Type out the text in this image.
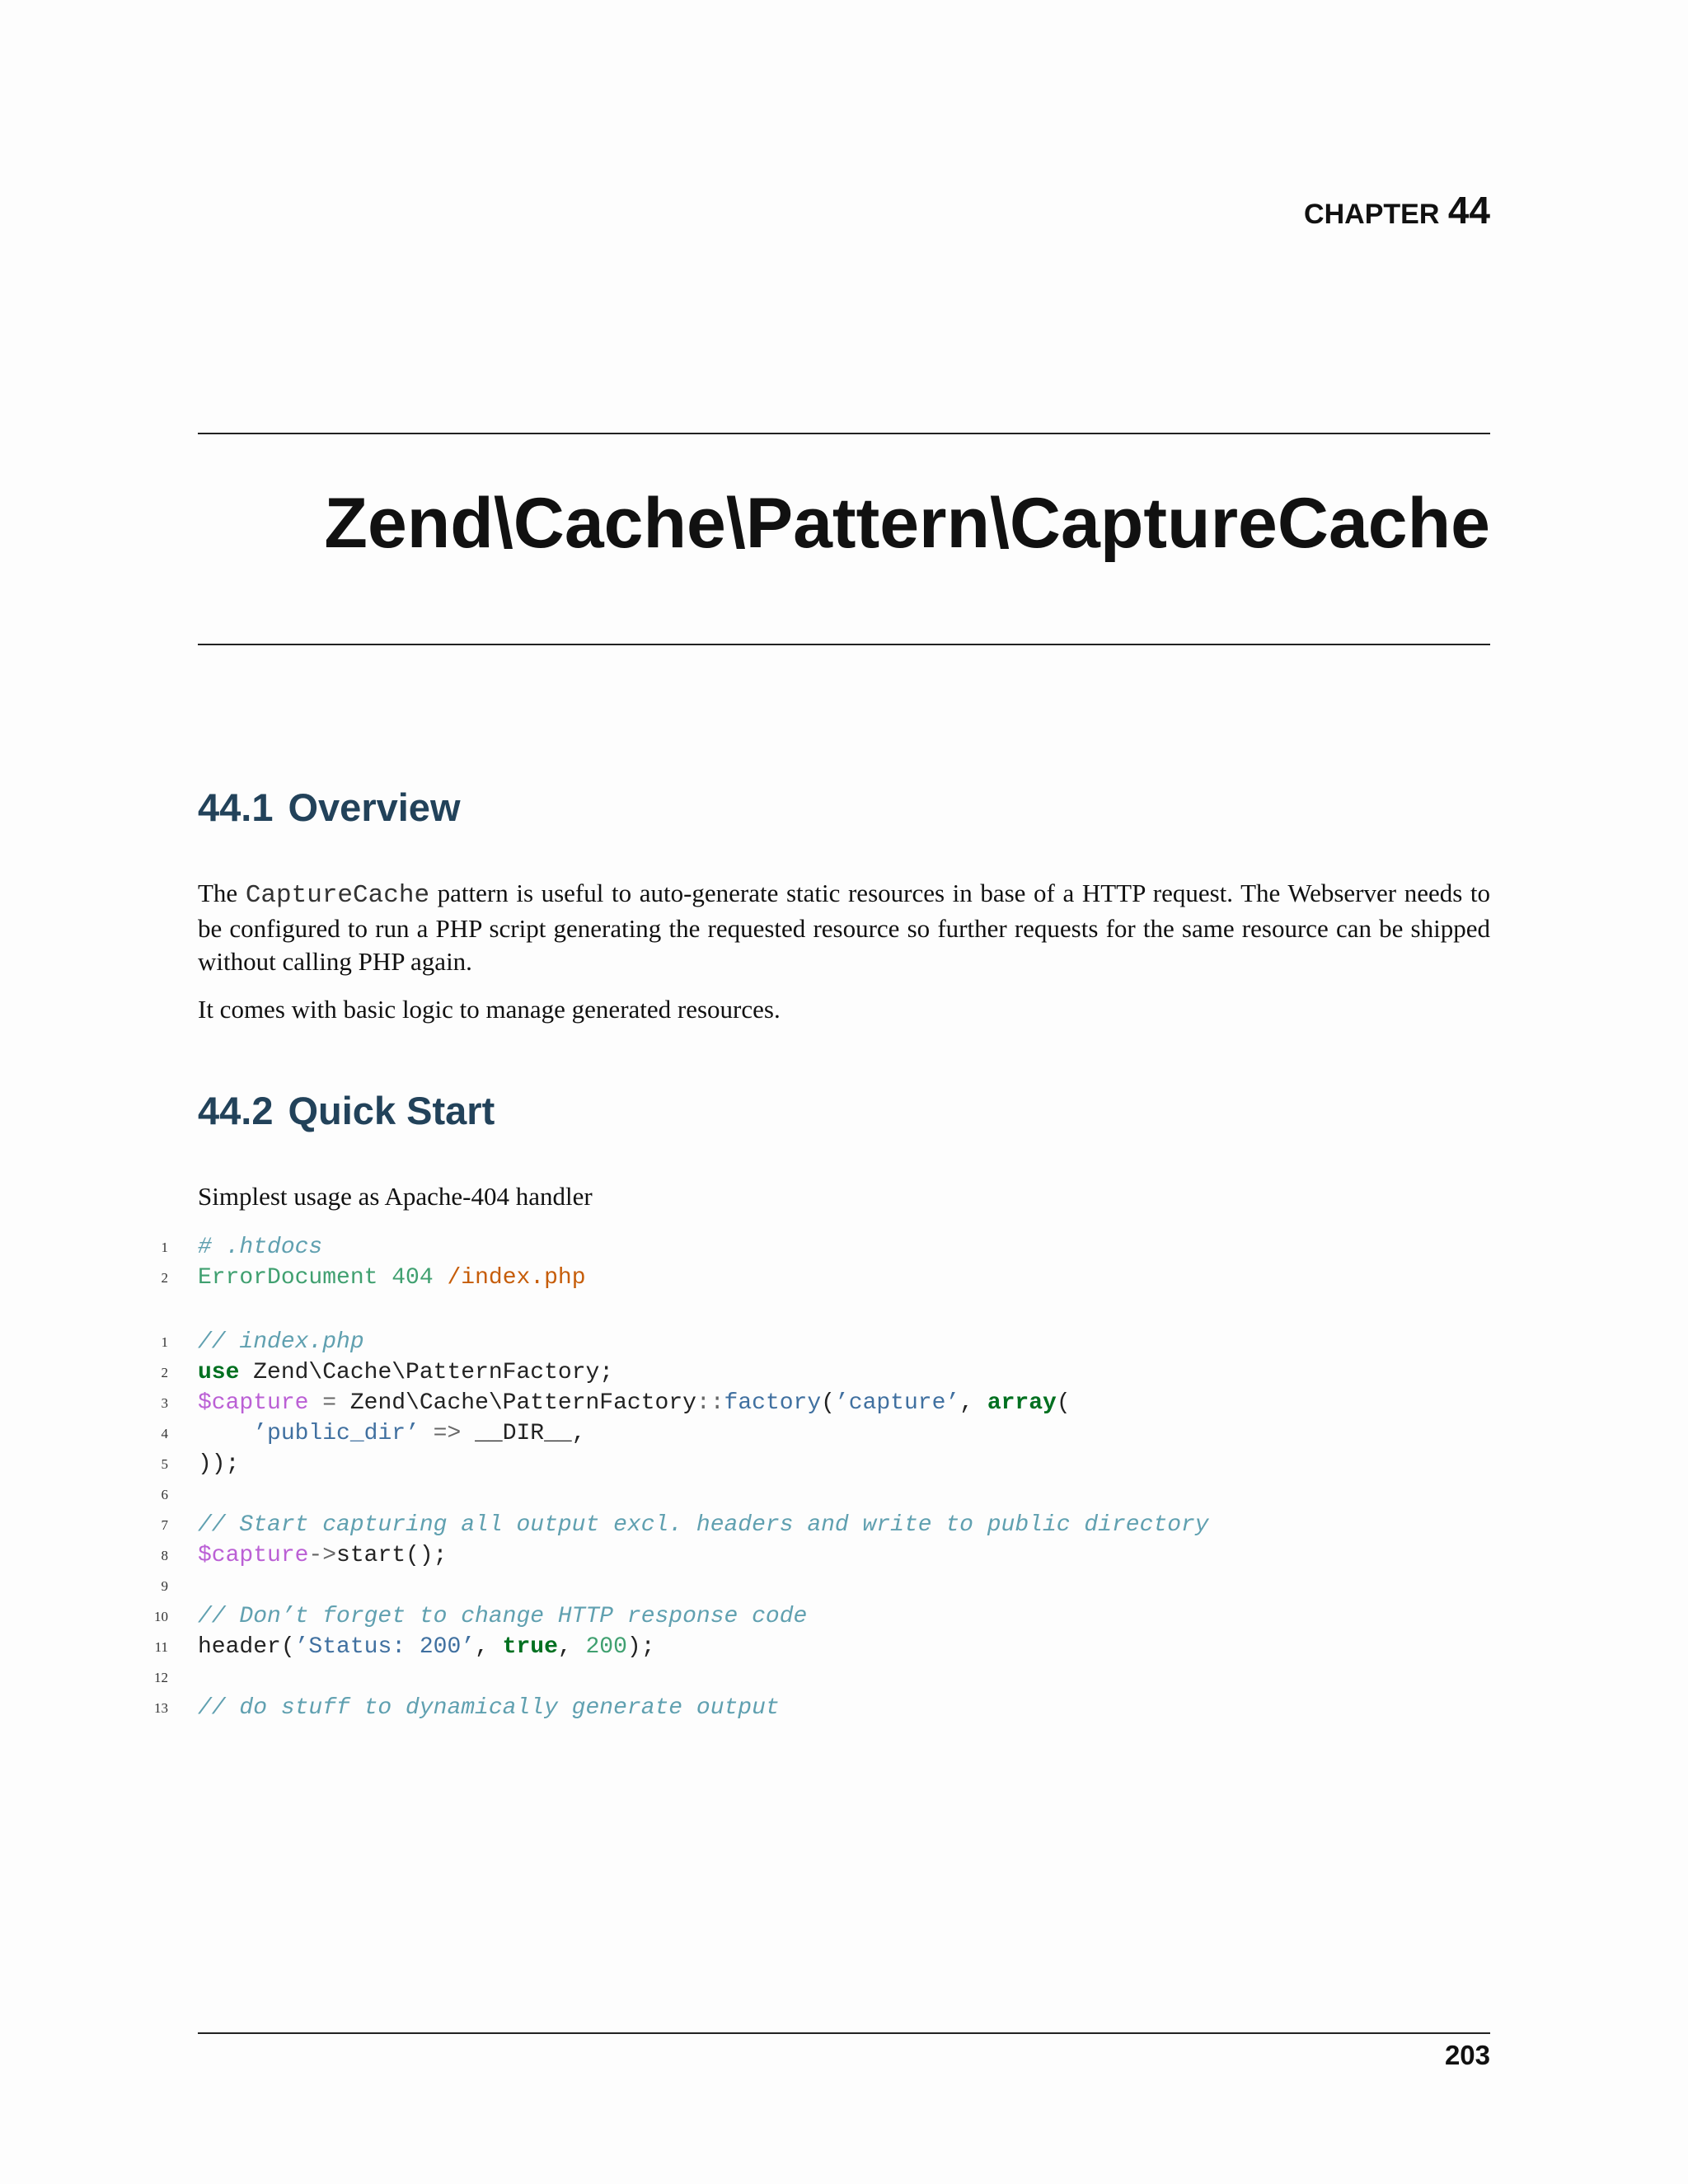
CHAPTER 44
Zend\Cache\Pattern\CaptureCache
44.1 Overview

The CaptureCache pattern is useful to auto-generate static resources in base of a HTTP request. The Webserver needs to be configured to run a PHP script generating the requested resource so further requests for the same resource can be shipped without calling PHP again.

It comes with basic logic to manage generated resources.

44.2 Quick Start

Simplest usage as Apache-404 handler

1 # .htdocs
2 ErrorDocument 404 /index.php
1 // index.php
2 use Zend\Cache\PatternFactory;
3 $capture = Zend\Cache\PatternFactory::factory(’capture’, array(
4	’public_dir’ => __DIR__,
5 ));
6
7 // Start capturing all output excl. headers and write to public directory
8 $capture->start();
9
10 // Don’t forget to change HTTP response code
11 header(’Status: 200’, true, 200);
12
13 // do stuff to dynamically generate output
203
